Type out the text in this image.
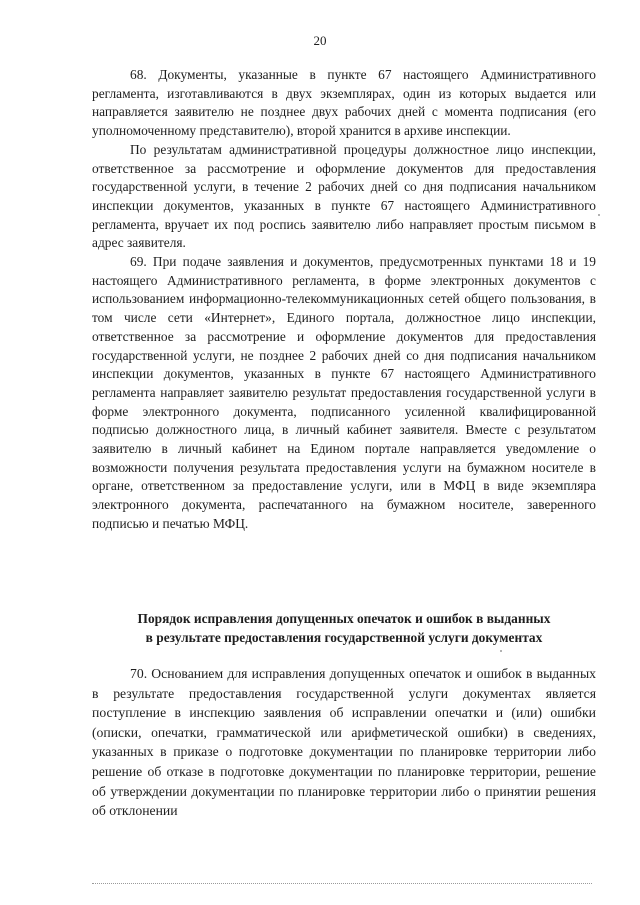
20

68. Документы, указанные в пункте 67 настоящего Административного регламента, изготавливаются в двух экземплярах, один из которых выдается или направляется заявителю не позднее двух рабочих дней с момента подписания (его уполномоченному представителю), второй хранится в архиве инспекции.

По результатам административной процедуры должностное лицо инспекции, ответственное за рассмотрение и оформление документов для предоставления государственной услуги, в течение 2 рабочих дней со дня подписания начальником инспекции документов, указанных в пункте 67 настоящего Административного регламента, вручает их под роспись заявителю либо направляет простым письмом в адрес заявителя.

69. При подаче заявления и документов, предусмотренных пунктами 18 и 19 настоящего Административного регламента, в форме электронных документов с использованием информационно-телекоммуникационных сетей общего пользования, в том числе сети «Интернет», Единого портала, должностное лицо инспекции, ответственное за рассмотрение и оформление документов для предоставления государственной услуги, не позднее 2 рабочих дней со дня подписания начальником инспекции документов, указанных в пункте 67 настоящего Административного регламента направляет заявителю результат предоставления государственной услуги в форме электронного документа, подписанного усиленной квалифицированной подписью должностного лица, в личный кабинет заявителя. Вместе с результатом заявителю в личный кабинет на Едином портале направляется уведомление о возможности получения результата предоставления услуги на бумажном носителе в органе, ответственном за предоставление услуги, или в МФЦ в виде экземпляра электронного документа, распечатанного на бумажном носителе, заверенного подписью и печатью МФЦ.

Порядок исправления допущенных опечаток и ошибок в выданных
в результате предоставления государственной услуги документах

70. Основанием для исправления допущенных опечаток и ошибок в выданных в результате предоставления государственной услуги документах является поступление в инспекцию заявления об исправлении опечатки и (или) ошибки (описки, опечатки, грамматической или арифметической ошибки) в сведениях, указанных в приказе о подготовке документации по планировке территории либо решение об отказе в подготовке документации по планировке территории, решение об утверждении документации по планировке территории либо о принятии решения об отклонении
